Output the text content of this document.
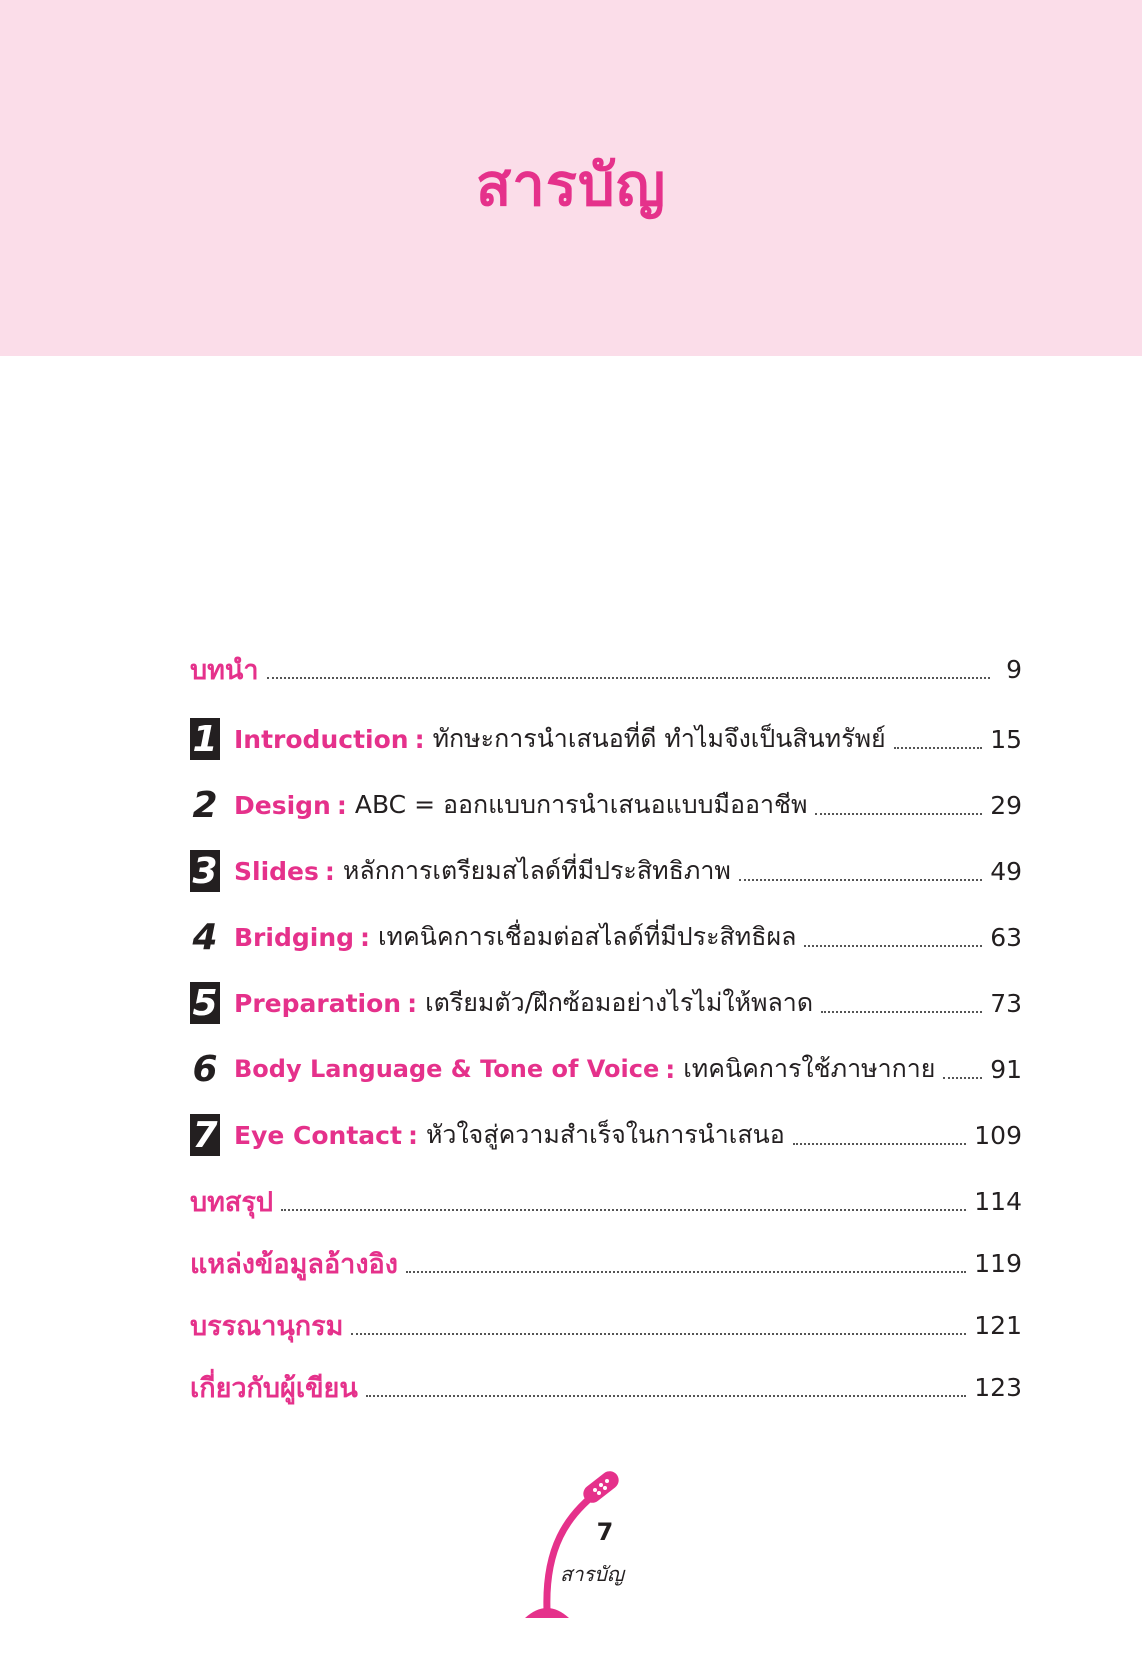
สารบัญ
บทนำ	9
1 Introduction : ทักษะการนำเสนอที่ดี ทำไมจึงเป็นสินทรัพย์	15
2 Design : ABC = ออกแบบการนำเสนอแบบมืออาชีพ	29
3 Slides : หลักการเตรียมสไลด์ที่มีประสิทธิภาพ	49
4 Bridging : เทคนิคการเชื่อมต่อสไลด์ที่มีประสิทธิผล	63
5 Preparation : เตรียมตัว/ฝึกซ้อมอย่างไรไม่ให้พลาด	73
6 Body Language & Tone of Voice : เทคนิคการใช้ภาษากาย 91
7 Eye Contact : หัวใจสู่ความสำเร็จในการนำเสนอ	109
บทสรุป	114
แหล่งข้อมูลอ้างอิง	119
บรรณานุกรม	121
เกี่ยวกับผู้เขียน	123
7
สารบัญ
